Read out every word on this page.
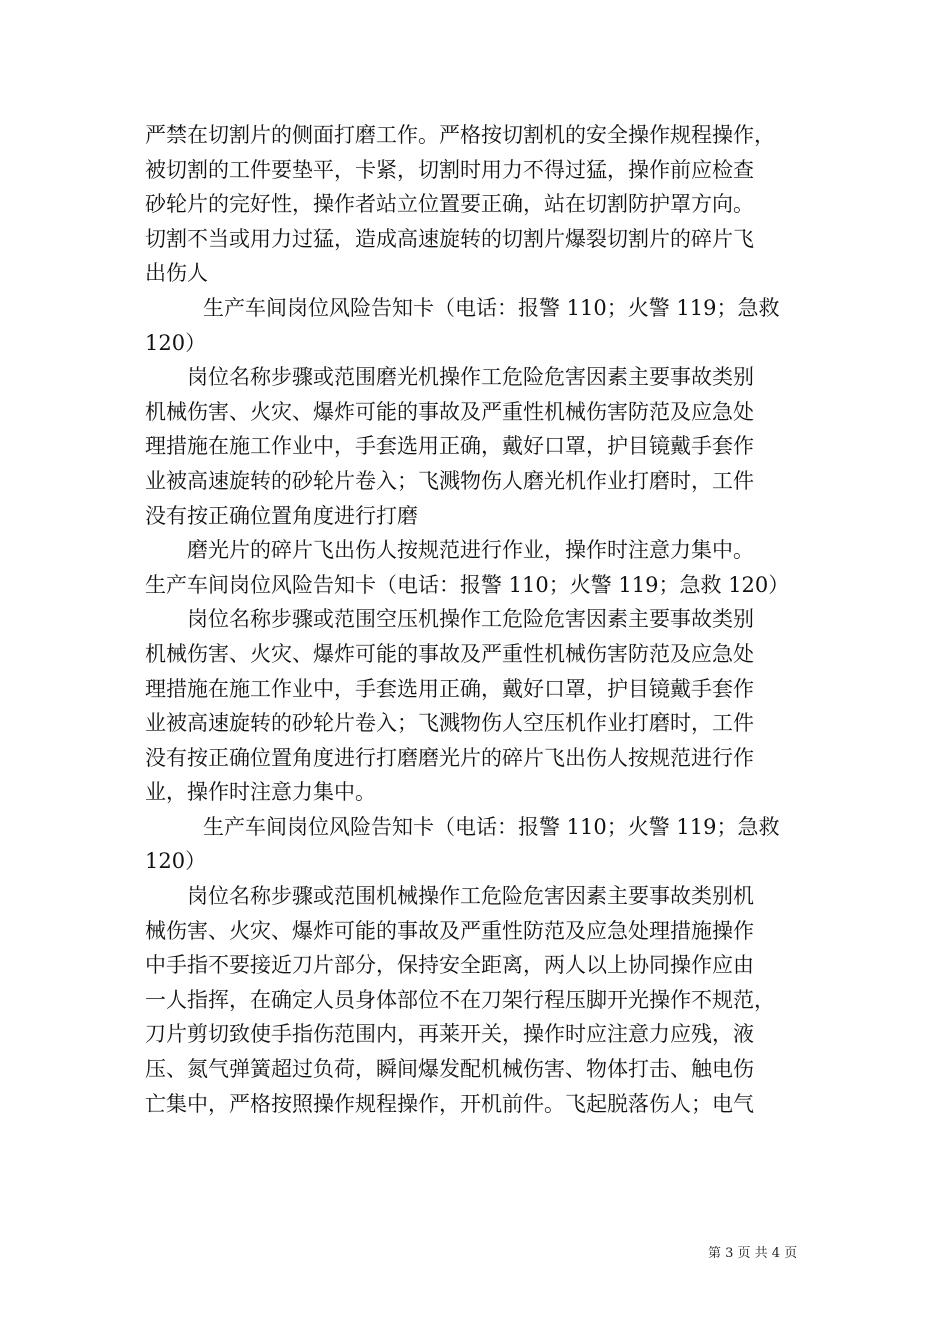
严禁在切割片的侧面打磨工作。严格按切割机的安全操作规程操作，
被切割的工件要垫平，卡紧，切割时用力不得过猛，操作前应检查
砂轮片的完好性，操作者站立位置要正确，站在切割防护罩方向。
切割不当或用力过猛，造成高速旋转的切割片爆裂切割片的碎片飞
出伤人
生产车间岗位风险告知卡（电话：报警 110；火警 119；急救
120）
岗位名称步骤或范围磨光机操作工危险危害因素主要事故类别
机械伤害、火灾、爆炸可能的事故及严重性机械伤害防范及应急处
理措施在施工作业中，手套选用正确，戴好口罩，护目镜戴手套作
业被高速旋转的砂轮片卷入；飞溅物伤人磨光机作业打磨时，工件
没有按正确位置角度进行打磨
磨光片的碎片飞出伤人按规范进行作业，操作时注意力集中。
生产车间岗位风险告知卡（电话：报警 110；火警 119；急救 120）
岗位名称步骤或范围空压机操作工危险危害因素主要事故类别
机械伤害、火灾、爆炸可能的事故及严重性机械伤害防范及应急处
理措施在施工作业中，手套选用正确，戴好口罩，护目镜戴手套作
业被高速旋转的砂轮片卷入；飞溅物伤人空压机作业打磨时，工件
没有按正确位置角度进行打磨磨光片的碎片飞出伤人按规范进行作
业，操作时注意力集中。
生产车间岗位风险告知卡（电话：报警 110；火警 119；急救
120）
岗位名称步骤或范围机械操作工危险危害因素主要事故类别机
械伤害、火灾、爆炸可能的事故及严重性防范及应急处理措施操作
中手指不要接近刀片部分，保持安全距离，两人以上协同操作应由
一人指挥，在确定人员身体部位不在刀架行程压脚开光操作不规范，
刀片剪切致使手指伤范围内，再莱开关，操作时应注意力应残，液
压、氮气弹簧超过负荷，瞬间爆发配机械伤害、物体打击、触电伤
亡集中，严格按照操作规程操作，开机前件。飞起脱落伤人；电气
第 3 页 共 4 页
